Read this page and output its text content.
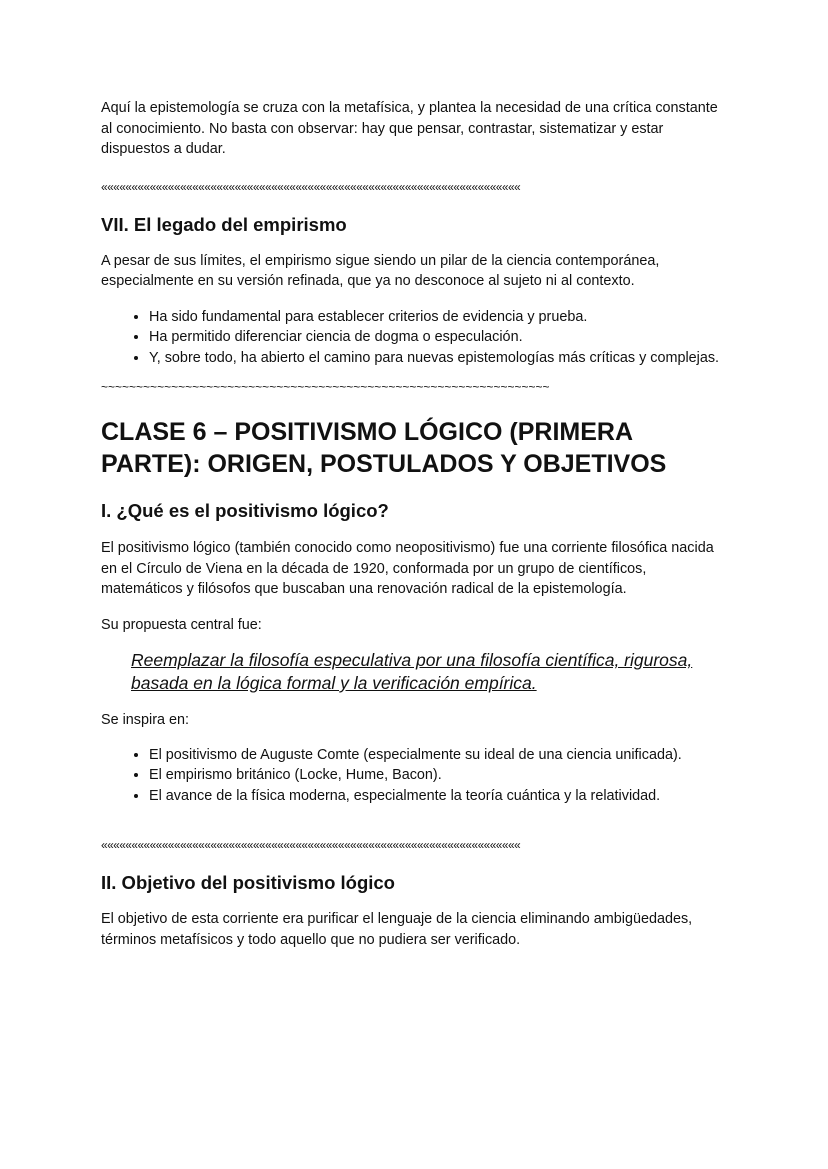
Aquí la epistemología se cruza con la metafísica, y plantea la necesidad de una crítica constante al conocimiento. No basta con observar: hay que pensar, contrastar, sistematizar y estar dispuestos a dudar.

«««««««««««««««««««««««««««««««««««««««««««««««««««««««««««««««««««««
VII. El legado del empirismo

A pesar de sus límites, el empirismo sigue siendo un pilar de la ciencia contemporánea, especialmente en su versión refinada, que ya no desconoce al sujeto ni al contexto.

• Ha sido fundamental para establecer criterios de evidencia y prueba.
• Ha permitido diferenciar ciencia de dogma o especulación.
• Y, sobre todo, ha abierto el camino para nuevas epistemologías más críticas y complejas.
~~~~~~~~~~~~~~~~~~~~~~~~~~~~~~~~~~~~~~~~~~~~~~~~~~~~~~~~~~~~~~~~
CLASE 6 – POSITIVISMO LÓGICO (PRIMERA PARTE): ORIGEN, POSTULADOS Y OBJETIVOS
I. ¿Qué es el positivismo lógico?

El positivismo lógico (también conocido como neopositivismo) fue una corriente filosófica nacida en el Círculo de Viena en la década de 1920, conformada por un grupo de científicos, matemáticos y filósofos que buscaban una renovación radical de la epistemología.

Su propuesta central fue:

Reemplazar la filosofía especulativa por una filosofía científica, rigurosa, basada en la lógica formal y la verificación empírica.

Se inspira en:

• El positivismo de Auguste Comte (especialmente su ideal de una ciencia unificada).
• El empirismo británico (Locke, Hume, Bacon).
• El avance de la física moderna, especialmente la teoría cuántica y la relatividad.
«««««««««««««««««««««««««««««««««««««««««««««««««««««««««««««««««««««
II. Objetivo del positivismo lógico

El objetivo de esta corriente era purificar el lenguaje de la ciencia eliminando ambigüedades, términos metafísicos y todo aquello que no pudiera ser verificado.
